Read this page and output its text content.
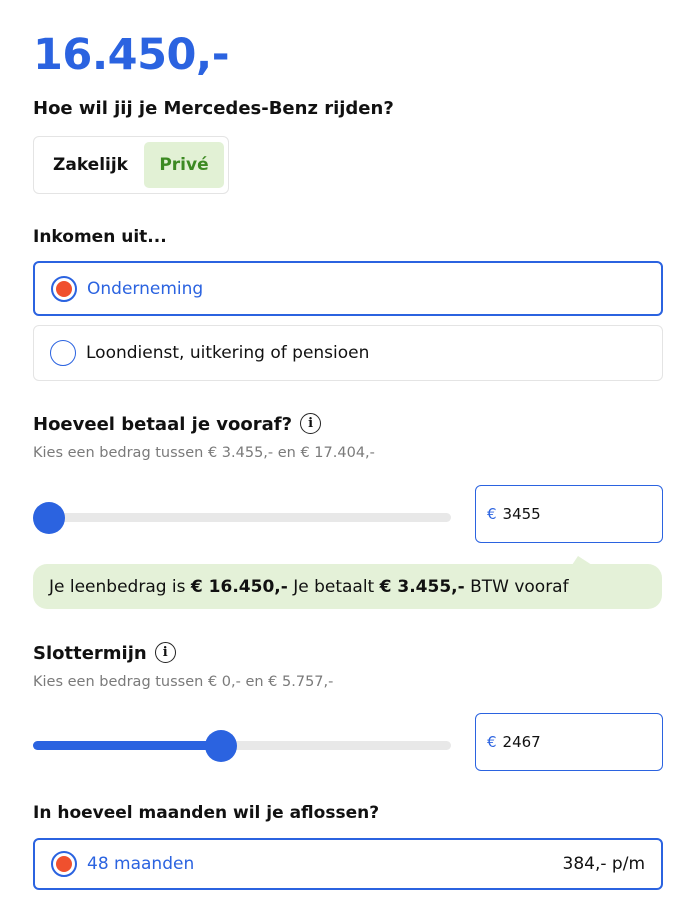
16.450,-
Hoe wil jij je Mercedes-Benz rijden?
Zakelijk	Privé
Inkomen uit...
Onderneming
Loondienst, uitkering of pensioen
Hoeveel betaal je vooraf? i
Kies een bedrag tussen € 3.455,- en € 17.404,-
€ 3455
Je leenbedrag is € 16.450,- Je betaalt € 3.455,- BTW vooraf
Slottermijn i
Kies een bedrag tussen € 0,- en € 5.757,-
€ 2467
In hoeveel maanden wil je aflossen?
48 maanden	384,- p/m
